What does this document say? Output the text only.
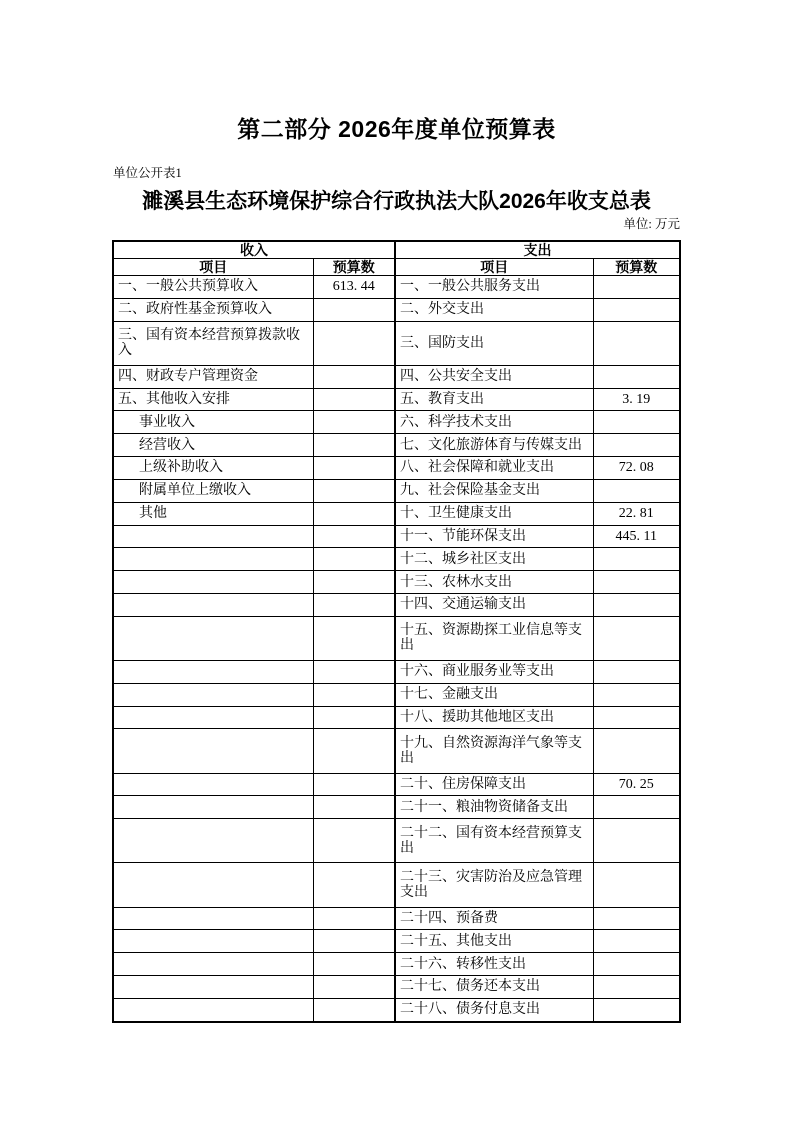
第二部分 2026年度单位预算表
单位公开表1
濉溪县生态环境保护综合行政执法大队2026年收支总表
单位: 万元
收入		支出	
项目	预算数	项目	预算数
一、一般公共预算收入	613. 44	一、一般公共服务支出	
二、政府性基金预算收入		二、外交支出	
三、国有资本经营预算拨款收入		三、国防支出	
四、财政专户管理资金		四、公共安全支出	
五、其他收入安排		五、教育支出	3. 19
事业收入		六、科学技术支出	
经营收入		七、文化旅游体育与传媒支出	
上级补助收入		八、社会保障和就业支出	72. 08
附属单位上缴收入		九、社会保险基金支出	
其他		十、卫生健康支出	22. 81
		十一、节能环保支出	445. 11
		十二、城乡社区支出	
		十三、农林水支出	
		十四、交通运输支出	
		十五、资源勘探工业信息等支出	
		十六、商业服务业等支出	
		十七、金融支出	
		十八、援助其他地区支出	
		十九、自然资源海洋气象等支出	
		二十、住房保障支出	70. 25
		二十一、粮油物资储备支出	
		二十二、国有资本经营预算支出	
		二十三、灾害防治及应急管理支出	
		二十四、预备费	
		二十五、其他支出	
		二十六、转移性支出	
		二十七、债务还本支出	
		二十八、债务付息支出	
